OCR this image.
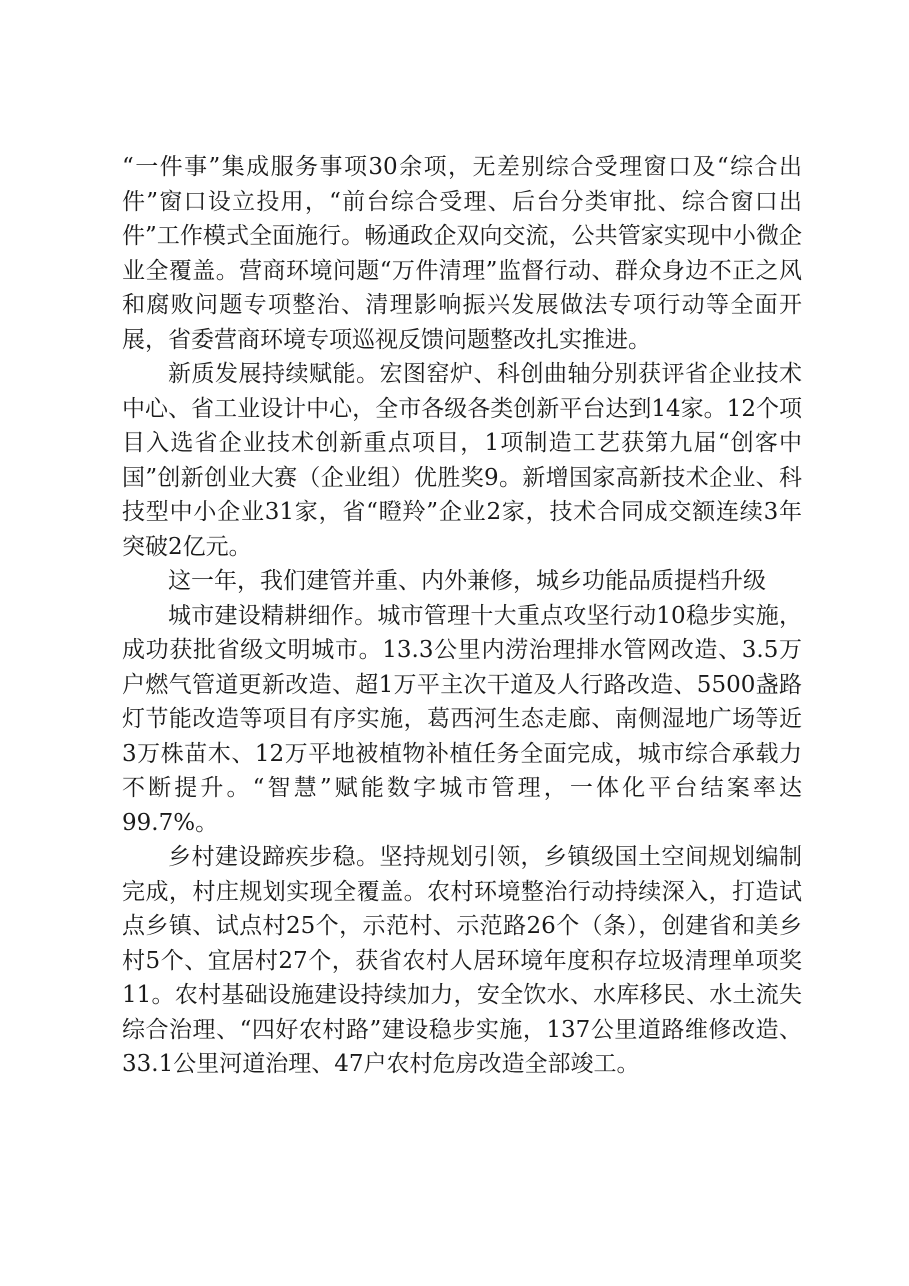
“一件事”集成服务事项30余项，无差别综合受理窗口及“综合出件”窗口设立投用，“前台综合受理、后台分类审批、综合窗口出件”工作模式全面施行。畅通政企双向交流，公共管家实现中小微企业全覆盖。营商环境问题“万件清理”监督行动、群众身边不正之风和腐败问题专项整治、清理影响振兴发展做法专项行动等全面开展，省委营商环境专项巡视反馈问题整改扎实推进。

新质发展持续赋能。宏图窑炉、科创曲轴分别获评省企业技术中心、省工业设计中心，全市各级各类创新平台达到14家。12个项目入选省企业技术创新重点项目，1项制造工艺获第九届“创客中国”创新创业大赛（企业组）优胜奖9。新增国家高新技术企业、科技型中小企业31家，省“瞪羚”企业2家，技术合同成交额连续3年突破2亿元。

这一年，我们建管并重、内外兼修，城乡功能品质提档升级

城市建设精耕细作。城市管理十大重点攻坚行动10稳步实施，成功获批省级文明城市。13.3公里内涝治理排水管网改造、3.5万户燃气管道更新改造、超1万平主次干道及人行路改造、5500盏路灯节能改造等项目有序实施，葛西河生态走廊、南侧湿地广场等近3万株苗木、12万平地被植物补植任务全面完成，城市综合承载力不断提升。“智慧”赋能数字城市管理，一体化平台结案率达99.7%。

乡村建设蹄疾步稳。坚持规划引领，乡镇级国土空间规划编制完成，村庄规划实现全覆盖。农村环境整治行动持续深入，打造试点乡镇、试点村25个，示范村、示范路26个（条），创建省和美乡村5个、宜居村27个，获省农村人居环境年度积存垃圾清理单项奖11。农村基础设施建设持续加力，安全饮水、水库移民、水土流失综合治理、“四好农村路”建设稳步实施，137公里道路维修改造、33.1公里河道治理、47户农村危房改造全部竣工。
